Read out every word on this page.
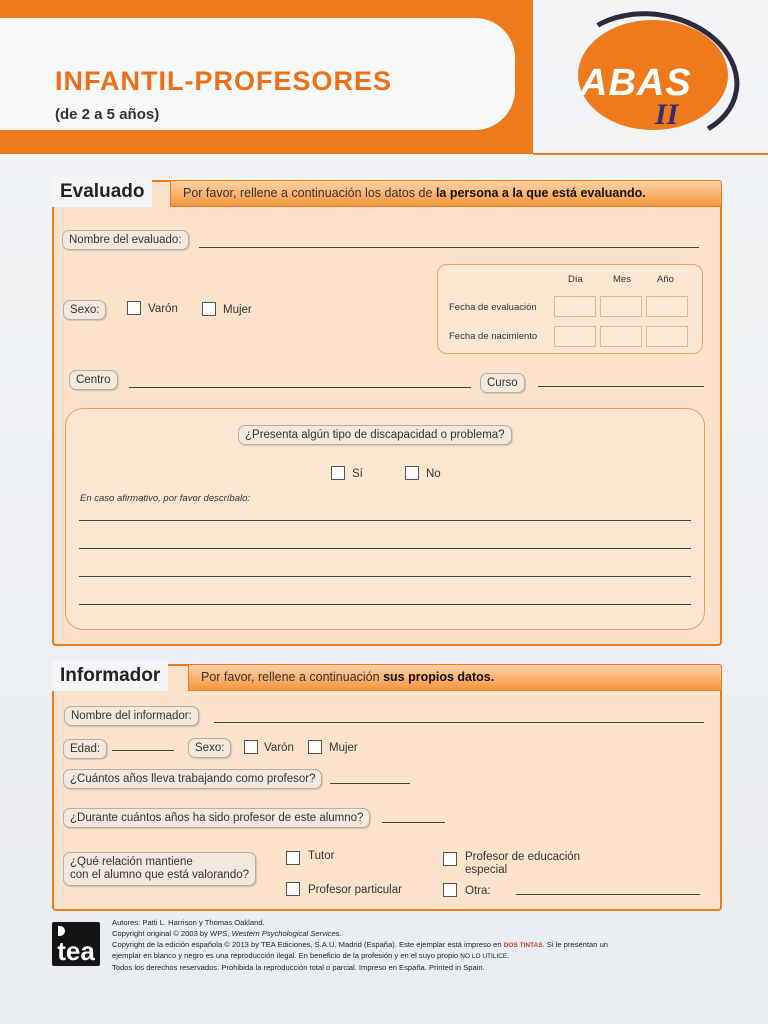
INFANTIL-PROFESORES
(de 2 a 5 años)
ABAS
II
Por favor, rellene a continuación los datos de la persona a la que está evaluando.
Evaluado
Nombre del evaluado:
Sexo:	Varón	Mujer
Día	Mes	Año
Fecha de evaluación
Fecha de nacimiento
Centro	Curso
¿Presenta algún tipo de discapacidad o problema?
Sí	No
En caso afirmativo, por favor descríbalo:
Por favor, rellene a continuación sus propios datos.
Informador
Nombre del informador:
Edad:	Sexo:	Varón	Mujer
¿Cuántos años lleva trabajando como profesor?
¿Durante cuántos años ha sido profesor de este alumno?
¿Qué relación mantiene
con el alumno que está valorando?
Tutor
Profesor particular
Profesor de educación
especial
Otra:
tea
Autores: Patti L. Harrison y Thomas Oakland.
Copyright original © 2003 by WPS, Western Psychological Services.
Copyright de la edición española © 2013 by TEA Ediciones, S.A.U. Madrid (España). Este ejemplar está impreso en DOS TINTAS. Si le presentan un
ejemplar en blanco y negro es una reproducción ilegal. En beneficio de la profesión y en el suyo propio NO LO UTILICE.
Todos los derechos reservados. Prohibida la reproducción total o parcial. Impreso en España. Printed in Spain.
